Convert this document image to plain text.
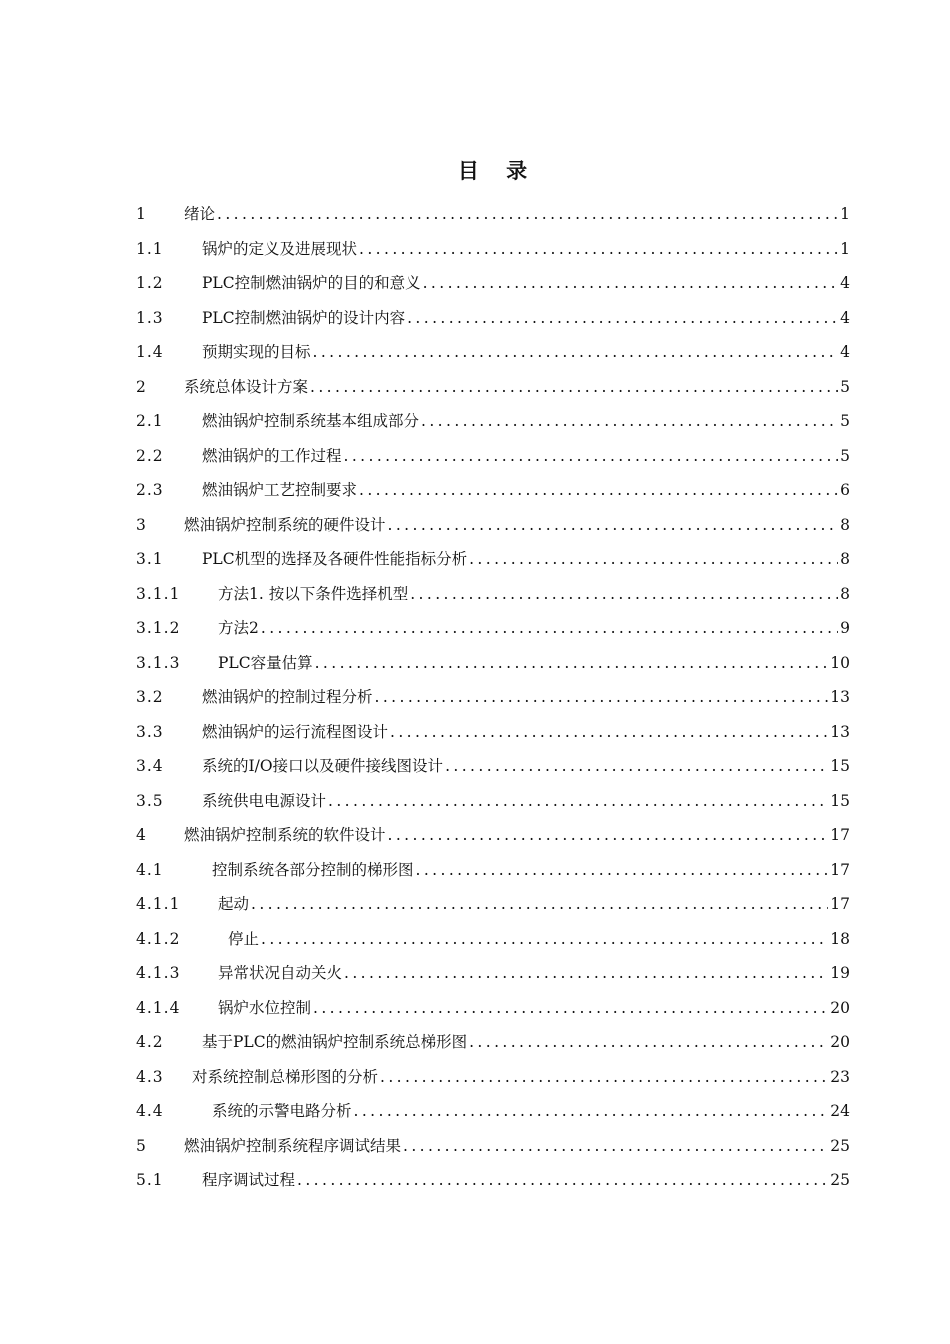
目 录
1	绪论 .....	1
1.1	锅炉的定义及进展现状 .....	1
1.2	PLC控制燃油锅炉的目的和意义 .....	4
1.3	PLC控制燃油锅炉的设计内容 .....	4
1.4	预期实现的目标 .....	4
2	系统总体设计方案 .....	5
2.1	燃油锅炉控制系统基本组成部分 .....	5
2.2	燃油锅炉的工作过程 .....	5
2.3	燃油锅炉工艺控制要求 .....	6
3	燃油锅炉控制系统的硬件设计 .....	8
3.1	PLC机型的选择及各硬件性能指标分析 .....	8
3.1.1	方法1. 按以下条件选择机型 .....	8
3.1.2	方法2 .....	9
3.1.3	PLC容量估算 .....	10
3.2	燃油锅炉的控制过程分析 .....	13
3.3	燃油锅炉的运行流程图设计 .....	13
3.4	系统的I/O接口以及硬件接线图设计 .....	15
3.5	系统供电电源设计 .....	15
4	燃油锅炉控制系统的软件设计 .....	17
4.1	控制系统各部分控制的梯形图 .....	17
4.1.1	起动 .....	17
4.1.2	停止 .....	18
4.1.3	异常状况自动关火 .....	19
4.1.4	锅炉水位控制 .....	20
4.2	基于PLC的燃油锅炉控制系统总梯形图 .....	20
4.3	对系统控制总梯形图的分析 .....	23
4.4	系统的示警电路分析 .....	24
5	燃油锅炉控制系统程序调试结果 .....	25
5.1	程序调试过程 .....	25
